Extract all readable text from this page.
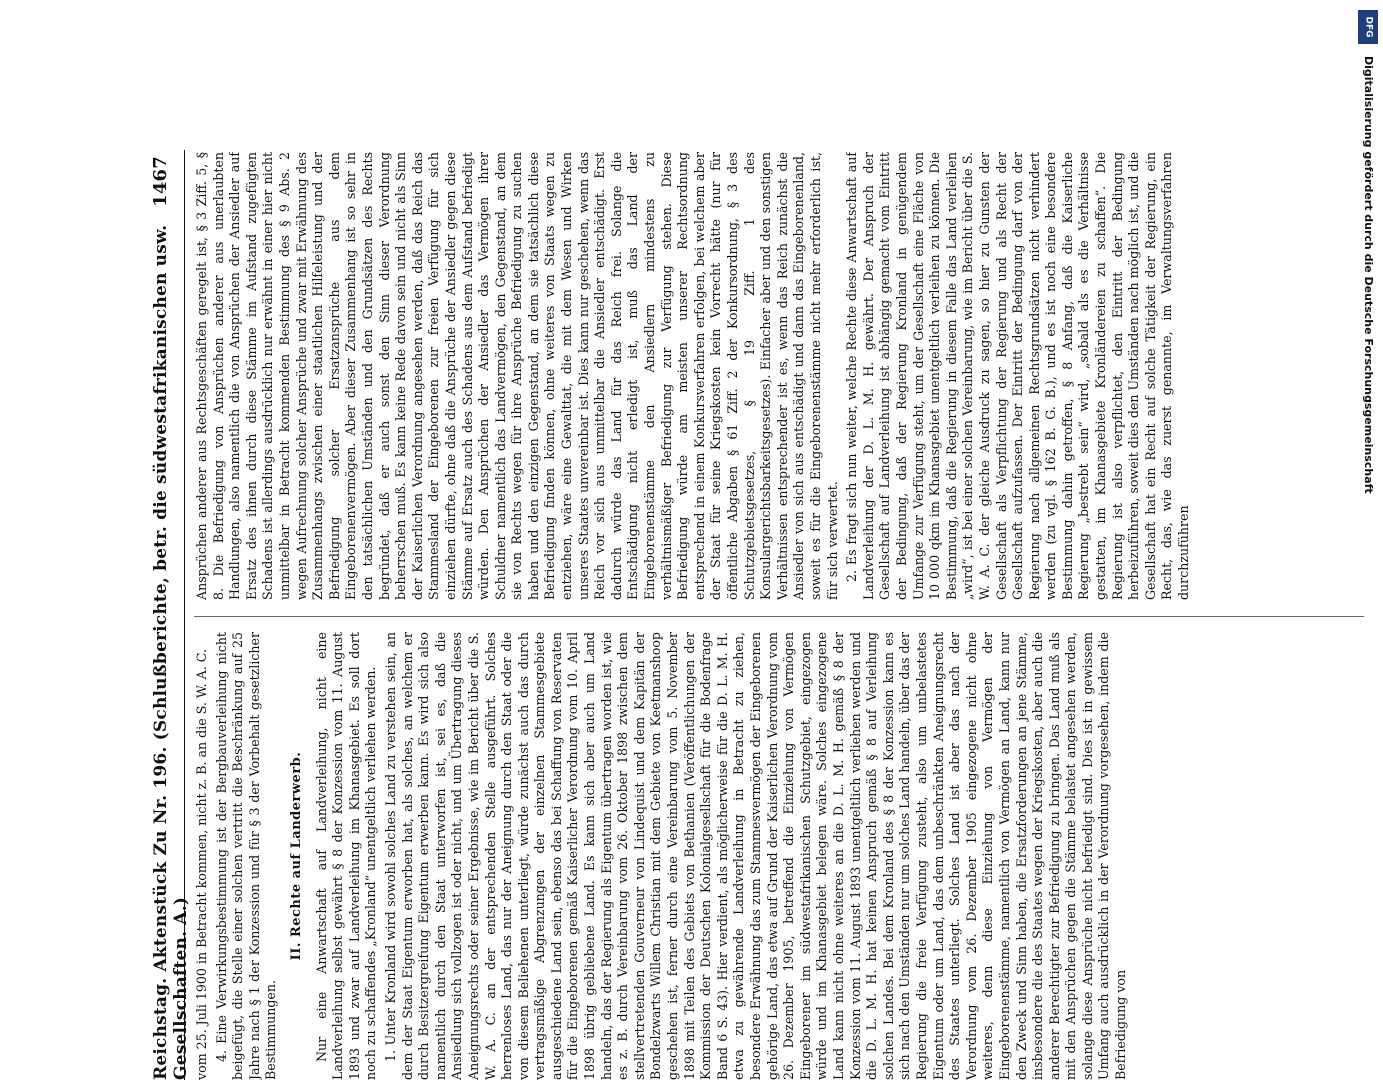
Reichstag. Aktenstück Zu Nr. 196. (Schlußberichte, betr. die südwestafrikanischen usw. Gesellschaften. A.)
1467

vom 25. Juli 1900 in Betracht kommen, nicht z. B. an die S. W. A. C. 4. Eine Verwirkungsbestimmung ist der Bergbauverleihung nicht beigefügt, die Stelle einer solchen vertritt die Beschränkung auf 25 Jahre nach § 1 der Konzession und für § 3 der Vorbehalt gesetzlicher Bestimmungen.

II. Rechte auf Landerwerb. Nur eine Anwartschaft auf Landverleihung, nicht eine Landverleihung selbst gewährt § 8 der Konzession vom 11. August 1893 und zwar auf Landverleihung im Khanasgebiet. Es soll dort noch zu schaffendes „Kronland“ unentgeltlich verliehen werden. 1. Unter Kronland wird sowohl solches Land zu verstehen sein, an dem der Staat Eigentum erworben hat, als solches, an welchem er durch Besitzergreifung Eigentum erwerben kann. Es wird sich also namentlich durch den Staat unterworfen ist, sei es, daß die Ansiedlung sich vollzogen ist oder nicht, und um Übertragung dieses Aneignungsrechts oder seiner Ergebnisse, wie im Bericht über die S. W. A. C. an der entsprechenden Stelle ausgeführt. Solches herrenloses Land, das nur der Aneignung durch den Staat oder die von diesem Beliehenen unterliegt, würde zunächst auch das durch vertragsmäßige Abgrenzungen der einzelnen Stammesgebiete ausgeschiedene Land sein, ebenso das bei Schaffung von Reservaten für die Eingeborenen gemäß Kaiserlicher Verordnung vom 10. April 1898 übrig gebliebene Land. Es kann sich aber auch um Land handeln, das der Regierung als Eigentum übertragen worden ist, wie es z. B. durch Vereinbarung vom 26. Oktober 1898 zwischen dem stellvertretenden Gouverneur von Lindequist und dem Kapitän der Bondelzwarts Willem Christian mit dem Gebiete von Keetmanshoop geschehen ist, ferner durch eine Vereinbarung vom 5. November 1898 mit Teilen des Gebiets von Bethanien (Veröffentlichungen der Kommission der Deutschen Kolonialgesellschaft für die Bodenfrage Band 6 S. 43). Hier verdient, als möglicherweise für die D. L. M. H. etwa zu gewährende Landverleihung in Betracht zu ziehen, besondere Erwähnung das zum Stammesvermögen der Eingeborenen gehörige Land, das etwa auf Grund der Kaiserlichen Verordnung vom 26. Dezember 1905, betreffend die Einziehung von Vermögen Eingeborener im südwestafrikanischen Schutzgebiet, eingezogen würde und im Khanasgebiet belegen wäre. Solches eingezogene Land kann nicht ohne weiteres an die D. L. M. H. gemäß § 8 der Konzession vom 11. August 1893 unentgeltlich verliehen werden und die D. L. M. H. hat keinen Anspruch gemäß § 8 auf Verleihung solchen Landes. Bei dem Kronland des § 8 der Konzession kann es sich nach den Umständen nur um solches Land handeln, über das der Regierung die freie Verfügung zusteht, also um unbelastetes Eigentum oder um Land, das dem unbeschränkten Aneignungsrecht des Staates unterliegt. Solches Land ist aber das nach der Verordnung vom 26. Dezember 1905 eingezogene nicht ohne weiteres, denn diese Einziehung von Vermögen der Eingeborenenstämme, namentlich von Vermögen an Land, kann nur den Zweck und Sinn haben, die Ersatzforderungen an jene Stämme, insbesondere die des Staates wegen der Kriegskosten, aber auch die anderer Berechtigter zur Befriedigung zu bringen. Das Land muß als mit den Ansprüchen gegen die Stämme belastet angesehen werden, solange diese Ansprüche nicht befriedigt sind. Dies ist in gewissem Umfang auch ausdrücklich in der Verordnung vorgesehen, indem die Befriedigung von

Ansprüchen anderer aus Rechtsgeschäften geregelt ist, § 3 Ziff. 5, § 8. Die Befriedigung von Ansprüchen anderer aus unerlaubten Handlungen, also namentlich die von Ansprüchen der Ansiedler auf Ersatz des ihnen durch diese Stämme im Aufstand zugefügten Schadens ist allerdings ausdrücklich nur erwähnt in einer hier nicht unmittelbar in Betracht kommenden Bestimmung des § 9 Abs. 2 wegen Aufrechnung solcher Ansprüche und zwar mit Erwähnung des Zusammenhangs zwischen einer staatlichen Hilfeleistung und der Befriedigung solcher Ersatzansprüche aus dem Eingeborenenvermögen. Aber dieser Zusammenhang ist so sehr in den tatsächlichen Umständen und den Grundsätzen des Rechts begründet, daß er auch sonst den Sinn dieser Verordnung beherrschen muß. Es kann keine Rede davon sein und nicht als Sinn der Kaiserlichen Verordnung angesehen werden, daß das Reich das Stammesland der Eingeborenen zur freien Verfügung für sich einziehen dürfte, ohne daß die Ansprüche der Ansiedler gegen diese Stämme auf Ersatz auch des Schadens aus dem Aufstand befriedigt würden. Den Ansprüchen der Ansiedler das Vermögen ihrer Schuldner namentlich das Landvermögen, den Gegenstand, an dem sie von Rechts wegen für ihre Ansprüche Befriedigung zu suchen haben und den einzigen Gegenstand, an dem sie tatsächlich diese Befriedigung finden können, ohne weiteres von Staats wegen zu entziehen, wäre eine Gewalttat, die mit dem Wesen und Wirken unseres Staates unvereinbar ist. Dies kann nur geschehen, wenn das Reich vor sich aus unmittelbar die Ansiedler entschädigt. Erst dadurch würde das Land für das Reich frei. Solange die Entschädigung nicht erledigt ist, muß das Land der Eingeborenenstämme den Ansiedlern mindestens zu verhältnismäßiger Befriedigung zur Verfügung stehen. Diese Befriedigung würde am meisten unserer Rechtsordnung entsprechend in einem Konkursverfahren erfolgen, bei welchem aber der Staat für seine Kriegskosten kein Vorrecht hätte (nur für öffentliche Abgaben § 61 Ziff. 2 der Konkursordnung, § 3 des Schutzgebietsgesetzes, § 19 Ziff. 1 des Konsulargerichtsbarkeitsgesetzes). Einfacher aber und den sonstigen Verhältnissen entsprechender ist es, wenn das Reich zunächst die Ansiedler von sich aus entschädigt und dann das Eingeborenenland, soweit es für die Eingeborenenstämme nicht mehr erforderlich ist, für sich verwertet. 2. Es fragt sich nun weiter, welche Rechte diese Anwartschaft auf Landverleihung der D. L. M. H. gewährt. Der Anspruch der Gesellschaft auf Landverleihung ist abhängig gemacht vom Eintritt der Bedingung, daß der Regierung Kronland in genügendem Umfange zur Verfügung steht, um der Gesellschaft eine Fläche von 10 000 qkm im Khanasgebiet unentgeltlich verleihen zu können. Die Bestimmung, daß die Regierung in diesem Falle das Land verleihen „wird“, ist bei einer solchen Vereinbarung, wie im Bericht über die S. W. A. C. der gleiche Ausdruck zu sagen, so hier zu Gunsten der Gesellschaft als Verpflichtung der Regierung und als Recht der Gesellschaft aufzufassen. Der Eintritt der Bedingung darf von der Regierung nach allgemeinen Rechtsgrundsätzen nicht verhindert werden (zu vgl. § 162 B. G. B.), und es ist noch eine besondere Bestimmung dahin getroffen, § 8 Anfang, daß die Kaiserliche Regierung „bestrebt sein“ wird, „sobald als es die Verhältnisse gestatten, im Khanasgebiete Kronländereien zu schaffen“. Die Regierung ist also verpflichtet, den Eintritt der Bedingung herbeizuführen, soweit dies den Umständen nach möglich ist, und die Gesellschaft hat ein Recht auf solche Tätigkeit der Regierung, ein Recht, das, wie das zuerst genannte, im Verwaltungsverfahren durchzuführen

DFG
Digitalisierung gefördert durch die Deutsche Forschungsgemeinschaft
